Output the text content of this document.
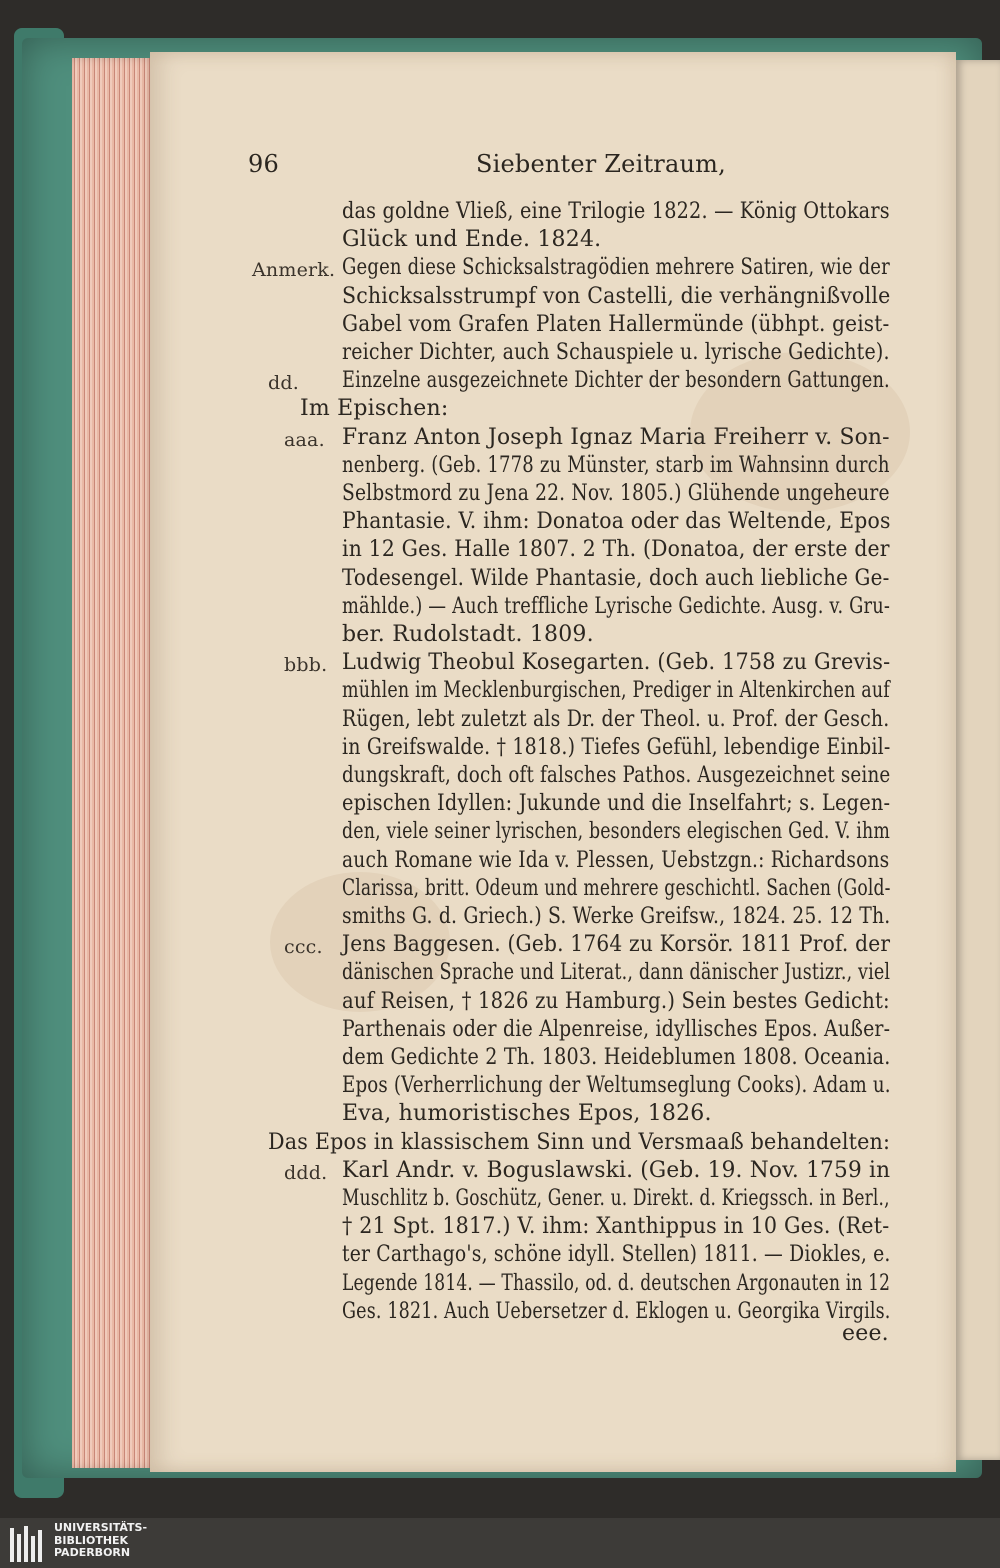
96	Siebenter Zeitraum,
das goldne Vließ, eine Trilogie 1822. — König Ottokars
Glück und Ende. 1824.
Anmerk. Gegen diese Schicksalstragödien mehrere Satiren, wie der
Schicksalsstrumpf von Castelli, die verhängnißvolle
Gabel vom Grafen Platen Hallermünde (übhpt. geist-
reicher Dichter, auch Schauspiele u. lyrische Gedichte).
dd. Einzelne ausgezeichnete Dichter der besondern Gattungen.
Im Epischen:
aaa. Franz Anton Joseph Ignaz Maria Freiherr v. Son-
nenberg. (Geb. 1778 zu Münster, starb im Wahnsinn durch
Selbstmord zu Jena 22. Nov. 1805.) Glühende ungeheure
Phantasie. V. ihm: Donatoa oder das Weltende, Epos
in 12 Ges. Halle 1807. 2 Th. (Donatoa, der erste der
Todesengel. Wilde Phantasie, doch auch liebliche Ge-
mählde.) — Auch treffliche Lyrische Gedichte. Ausg. v. Gru-
ber. Rudolstadt. 1809.
bbb. Ludwig Theobul Kosegarten. (Geb. 1758 zu Grevis-
mühlen im Mecklenburgischen, Prediger in Altenkirchen auf
Rügen, lebt zuletzt als Dr. der Theol. u. Prof. der Gesch.
in Greifswalde. † 1818.) Tiefes Gefühl, lebendige Einbil-
dungskraft, doch oft falsches Pathos. Ausgezeichnet seine
epischen Idyllen: Jukunde und die Inselfahrt; s. Legen-
den, viele seiner lyrischen, besonders elegischen Ged. V. ihm
auch Romane wie Ida v. Plessen, Uebstzgn.: Richardsons
Clarissa, britt. Odeum und mehrere geschichtl. Sachen (Gold-
smiths G. d. Griech.) S. Werke Greifsw., 1824. 25. 12 Th.
ccc. Jens Baggesen. (Geb. 1764 zu Korsör. 1811 Prof. der
dänischen Sprache und Literat., dann dänischer Justizr., viel
auf Reisen, † 1826 zu Hamburg.) Sein bestes Gedicht:
Parthenais oder die Alpenreise, idyllisches Epos. Außer-
dem Gedichte 2 Th. 1803. Heideblumen 1808. Oceania.
Epos (Verherrlichung der Weltumseglung Cooks). Adam u.
Eva, humoristisches Epos, 1826.
Das Epos in klassischem Sinn und Versmaaß behandelten:
ddd. Karl Andr. v. Boguslawski. (Geb. 19. Nov. 1759 in
Muschlitz b. Goschütz, Gener. u. Direkt. d. Kriegssch. in Berl.,
† 21 Spt. 1817.) V. ihm: Xanthippus in 10 Ges. (Ret-
ter Carthago's, schöne idyll. Stellen) 1811. — Diokles, e.
Legende 1814. — Thassilo, od. d. deutschen Argonauten in 12
Ges. 1821. Auch Uebersetzer d. Eklogen u. Georgika Virgils.
eee.
UNIVERSITÄTS-
BIBLIOTHEK
PADERBORN
